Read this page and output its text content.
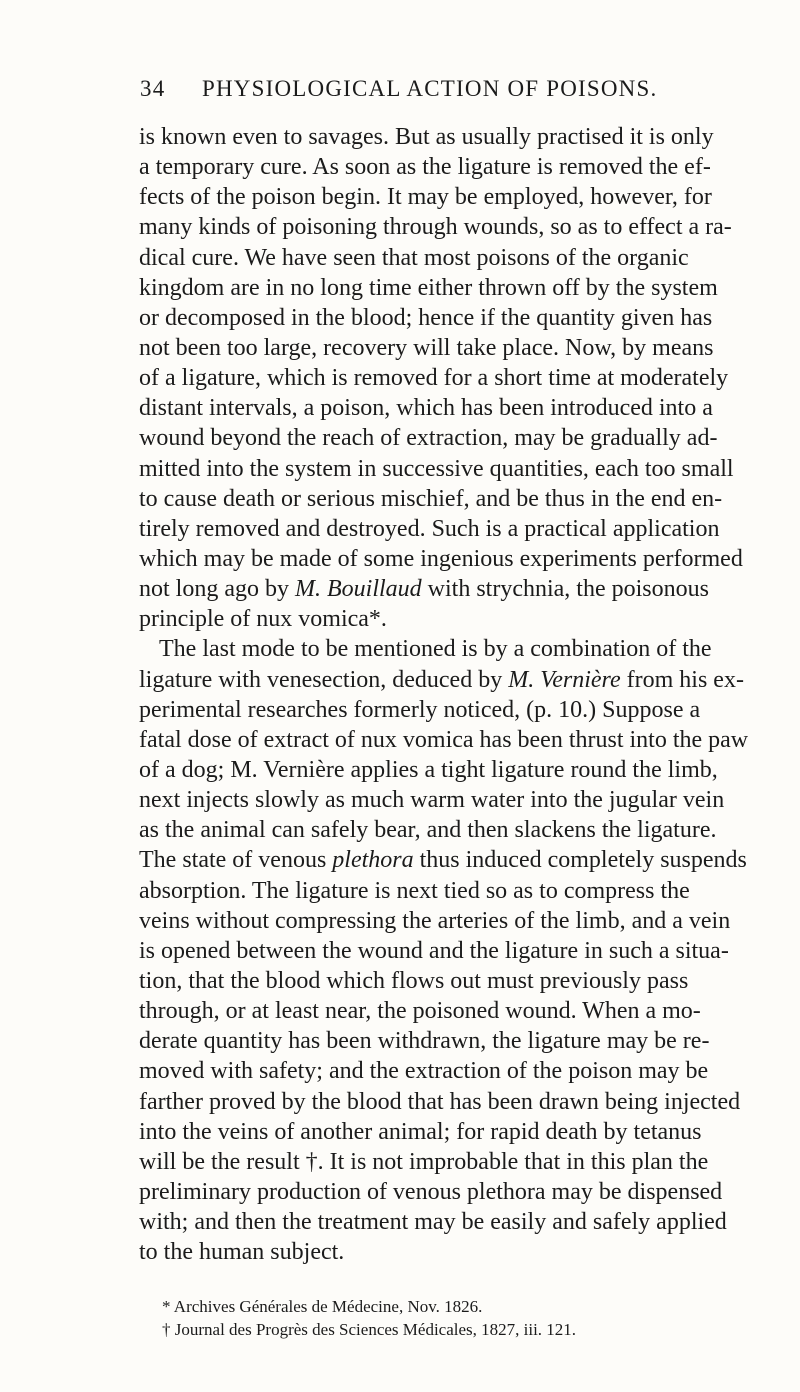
34 PHYSIOLOGICAL ACTION OF POISONS.
is known even to savages. But as usually practised it is only
a temporary cure. As soon as the ligature is removed the ef-
fects of the poison begin. It may be employed, however, for
many kinds of poisoning through wounds, so as to effect a ra-
dical cure. We have seen that most poisons of the organic
kingdom are in no long time either thrown off by the system
or decomposed in the blood; hence if the quantity given has
not been too large, recovery will take place. Now, by means
of a ligature, which is removed for a short time at moderately
distant intervals, a poison, which has been introduced into a
wound beyond the reach of extraction, may be gradually ad-
mitted into the system in successive quantities, each too small
to cause death or serious mischief, and be thus in the end en-
tirely removed and destroyed. Such is a practical application
which may be made of some ingenious experiments performed
not long ago by M. Bouillaud with strychnia, the poisonous
principle of nux vomica*.
The last mode to be mentioned is by a combination of the
ligature with venesection, deduced by M. Vernière from his ex-
perimental researches formerly noticed, (p. 10.) Suppose a
fatal dose of extract of nux vomica has been thrust into the paw
of a dog; M. Vernière applies a tight ligature round the limb,
next injects slowly as much warm water into the jugular vein
as the animal can safely bear, and then slackens the ligature.
The state of venous plethora thus induced completely suspends
absorption. The ligature is next tied so as to compress the
veins without compressing the arteries of the limb, and a vein
is opened between the wound and the ligature in such a situa-
tion, that the blood which flows out must previously pass
through, or at least near, the poisoned wound. When a mo-
derate quantity has been withdrawn, the ligature may be re-
moved with safety; and the extraction of the poison may be
farther proved by the blood that has been drawn being injected
into the veins of another animal; for rapid death by tetanus
will be the result †. It is not improbable that in this plan the
preliminary production of venous plethora may be dispensed
with; and then the treatment may be easily and safely applied
to the human subject.
* Archives Générales de Médecine, Nov. 1826.
† Journal des Progrès des Sciences Médicales, 1827, iii. 121.
